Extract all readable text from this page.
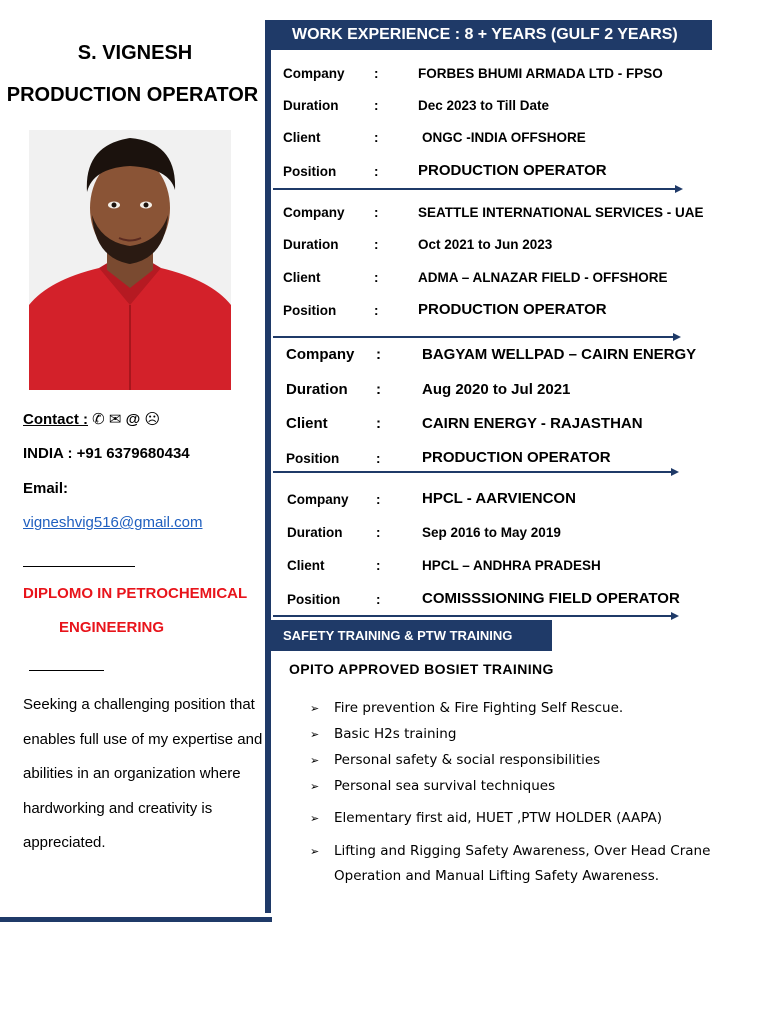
S. VIGNESH
PRODUCTION OPERATOR
Contact : ✆ ✉ @ ☹
INDIA : +91 6379680434
Email:
vigneshvig516@gmail.com
DIPLOMO IN PETROCHEMICAL
ENGINEERING
Seeking a challenging position that enables full use of my expertise and abilities in an organization where hardworking and creativity is appreciated.
WORK EXPERIENCE : 8 + YEARS (GULF 2 YEARS)
Company :	FORBES BHUMI ARMADA LTD - FPSO
Duration	:	Dec 2023 to Till Date
Client	:	ONGC -INDIA OFFSHORE
Position	:	PRODUCTION OPERATOR
Company :	SEATTLE INTERNATIONAL SERVICES - UAE
Duration	:	Oct 2021 to Jun 2023
Client	:	ADMA – ALNAZAR FIELD - OFFSHORE
Position	:	PRODUCTION OPERATOR
Company :	BAGYAM WELLPAD – CAIRN ENERGY
Duration :	Aug 2020 to Jul 2021
Client	:	CAIRN ENERGY - RAJASTHAN
Position	:	PRODUCTION OPERATOR
Company :	HPCL - AARVIENCON
Duration :	Sep 2016 to May 2019
Client	:	HPCL – ANDHRA PRADESH
Position	:	COMISSSIONING FIELD OPERATOR
SAFETY TRAINING & PTW TRAINING
OPITO APPROVED BOSIET TRAINING
➢ Fire prevention & Fire Fighting Self Rescue.
➢ Basic H2s training
➢ Personal safety & social responsibilities
➢ Personal sea survival techniques
➢ Elementary first aid, HUET ,PTW HOLDER (AAPA)
➢ Lifting and Rigging Safety Awareness, Over Head Crane Operation and Manual Lifting Safety Awareness.
